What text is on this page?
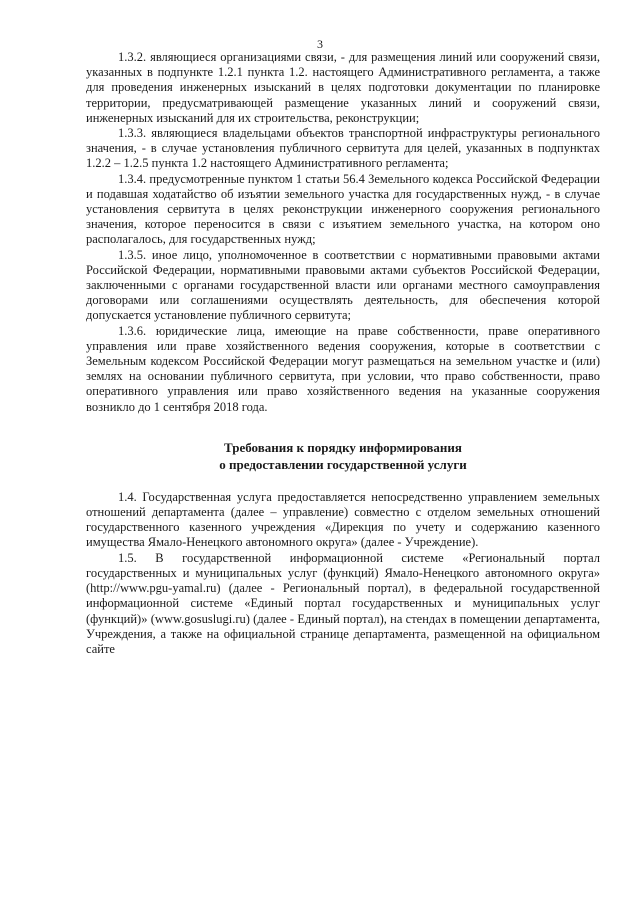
3

1.3.2. являющиеся организациями связи, - для размещения линий или сооружений связи, указанных в подпункте 1.2.1 пункта 1.2. настоящего Административного регламента, а также для проведения инженерных изысканий в целях подготовки документации по планировке территории, предусматривающей размещение указанных линий и сооружений связи, инженерных изысканий для их строительства, реконструкции;

1.3.3. являющиеся владельцами объектов транспортной инфраструктуры регионального значения, - в случае установления публичного сервитута для целей, указанных в подпунктах 1.2.2 – 1.2.5 пункта 1.2 настоящего Административного регламента;

1.3.4. предусмотренные пунктом 1 статьи 56.4 Земельного кодекса Российской Федерации и подавшая ходатайство об изъятии земельного участка для государственных нужд, - в случае установления сервитута в целях реконструкции инженерного сооружения регионального значения, которое переносится в связи с изъятием земельного участка, на котором оно располагалось, для государственных нужд;

1.3.5. иное лицо, уполномоченное в соответствии с нормативными правовыми актами Российской Федерации, нормативными правовыми актами субъектов Российской Федерации, заключенными с органами государственной власти или органами местного самоуправления договорами или соглашениями осуществлять деятельность, для обеспечения которой допускается установление публичного сервитута;

1.3.6. юридические лица, имеющие на праве собственности, праве оперативного управления или праве хозяйственного ведения сооружения, которые в соответствии с Земельным кодексом Российской Федерации могут размещаться на земельном участке и (или) землях на основании публичного сервитута, при условии, что право собственности, право оперативного управления или право хозяйственного ведения на указанные сооружения возникло до 1 сентября 2018 года.

Требования к порядку информирования
о предоставлении государственной услуги

1.4. Государственная услуга предоставляется непосредственно управлением земельных отношений департамента (далее – управление) совместно с отделом земельных отношений государственного казенного учреждения «Дирекция по учету и содержанию казенного имущества Ямало-Ненецкого автономного округа» (далее - Учреждение).

1.5. В государственной информационной системе «Региональный портал государственных и муниципальных услуг (функций) Ямало-Ненецкого автономного округа» (http://www.pgu-yamal.ru) (далее - Региональный портал), в федеральной государственной информационной системе «Единый портал государственных и муниципальных услуг (функций)» (www.gosuslugi.ru) (далее - Единый портал), на стендах в помещении департамента, Учреждения, а также на официальной странице департамента, размещенной на официальном сайте
